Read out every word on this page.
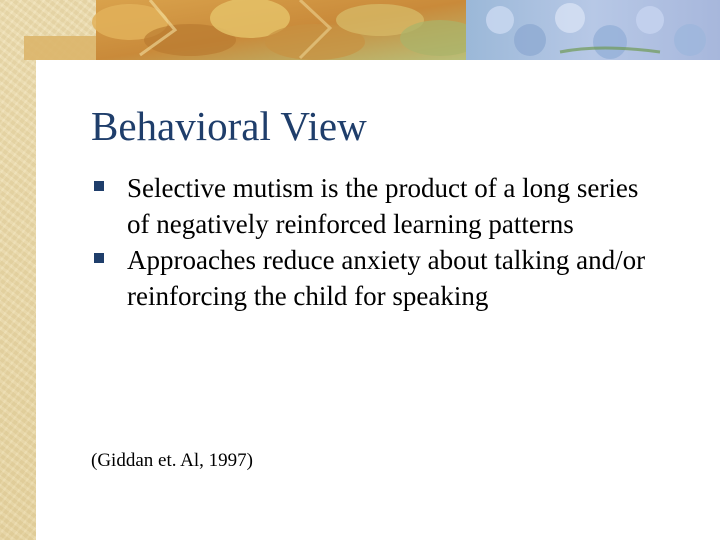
Behavioral View
Selective mutism is the product of a long series of negatively reinforced learning patterns
Approaches reduce anxiety about talking and/or reinforcing the child for speaking
(Giddan et. Al, 1997)
